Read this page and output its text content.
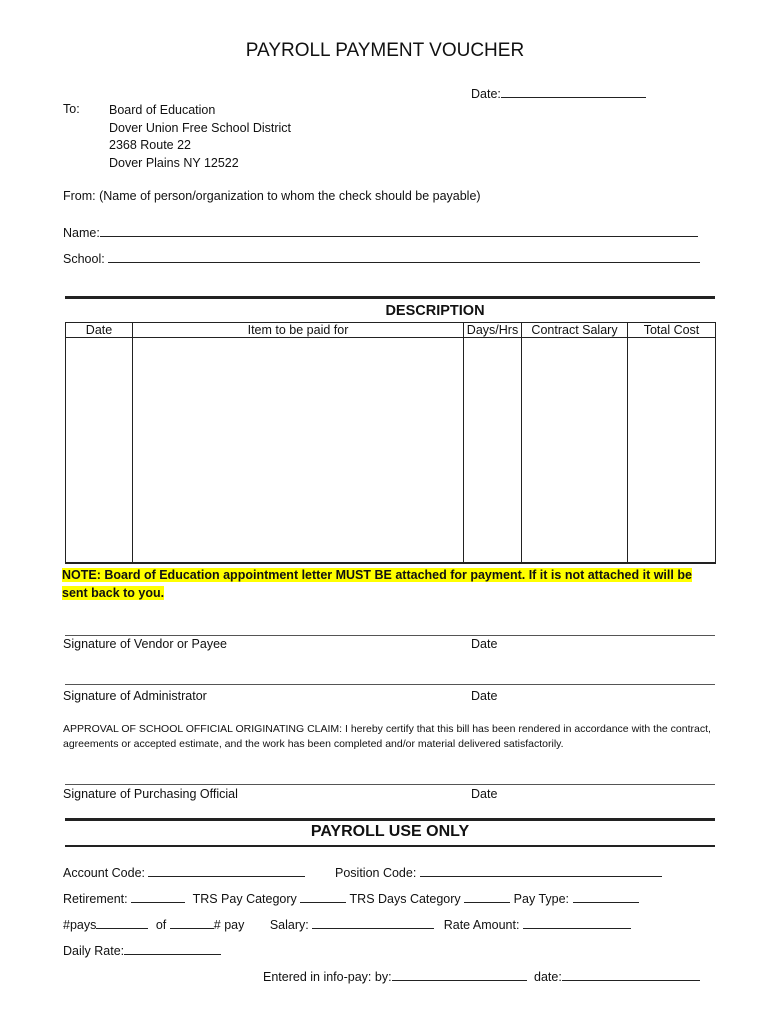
PAYROLL PAYMENT VOUCHER
Date:
To: Board of Education
Dover Union Free School District
2368 Route 22
Dover Plains NY 12522
From: (Name of person/organization to whom the check should be payable)
Name:
School:
DESCRIPTION
Date	Item to be paid for	Days/Hrs	Contract Salary	Total Cost

NOTE: Board of Education appointment letter MUST BE attached for payment. If it is not attached it will be
sent back to you.
Signature of Vendor or Payee	Date
Signature of Administrator	Date
APPROVAL OF SCHOOL OFFICIAL ORIGINATING CLAIM: I hereby certify that this bill has been rendered in accordance with the contract,
agreements or accepted estimate, and the work has been completed and/or material delivered satisfactorily.
Signature of Purchasing Official	Date
PAYROLL USE ONLY
Account Code:	Position Code:
Retirement:	TRS Pay Category	TRS Days Category	Pay Type:
#pays	of	# pay Salary:	Rate Amount:
Daily Rate:
Entered in info-pay: by:	date:
